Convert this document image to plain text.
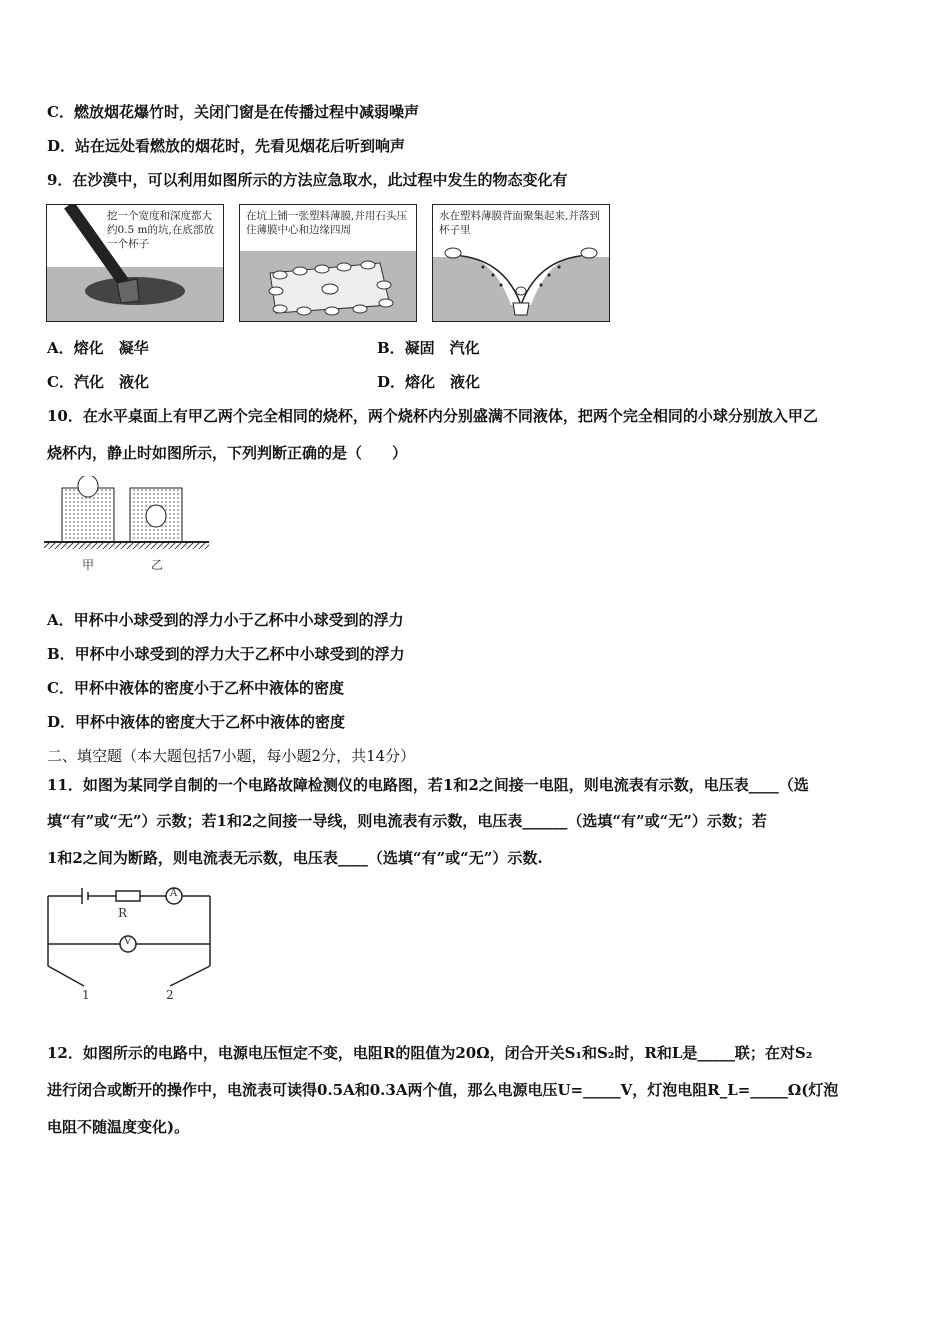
C．燃放烟花爆竹时，关闭门窗是在传播过程中减弱噪声
D．站在远处看燃放的烟花时，先看见烟花后听到响声
9．在沙漠中，可以利用如图所示的方法应急取水，此过程中发生的物态变化有
挖一个宽度和深度都大约0.5 m的坑,在底部放一个杯子
在坑上铺一张塑料薄膜,并用石头压住薄膜中心和边缘四周
水在塑料薄膜背面聚集起来,并落到杯子里
A．熔化　凝华	B．凝固　汽化
C．汽化　液化	D．熔化　液化
10．在水平桌面上有甲乙两个完全相同的烧杯，两个烧杯内分别盛满不同液体，把两个完全相同的小球分别放入甲乙
烧杯内，静止时如图所示，下列判断正确的是（　　）
甲	乙
A．甲杯中小球受到的浮力小于乙杯中小球受到的浮力
B．甲杯中小球受到的浮力大于乙杯中小球受到的浮力
C．甲杯中液体的密度小于乙杯中液体的密度
D．甲杯中液体的密度大于乙杯中液体的密度
二、填空题（本大题包括7小题，每小题2分，共14分）
11．如图为某同学自制的一个电路故障检测仪的电路图，若1和2之间接一电阻，则电流表有示数，电压表____（选
填“有”或“无”）示数；若1和2之间接一导线，则电流表有示数，电压表______（选填“有”或“无”）示数；若
1和2之间为断路，则电流表无示数，电压表____（选填“有”或“无”）示数.
R
A
V
1	2
12．如图所示的电路中，电源电压恒定不变，电阻R的阻值为20Ω，闭合开关S₁和S₂时，R和L是_____联；在对S₂
进行闭合或断开的操作中，电流表可读得0.5A和0.3A两个值，那么电源电压U=_____V，灯泡电阻R_L=_____Ω(灯泡
电阻不随温度变化)。
